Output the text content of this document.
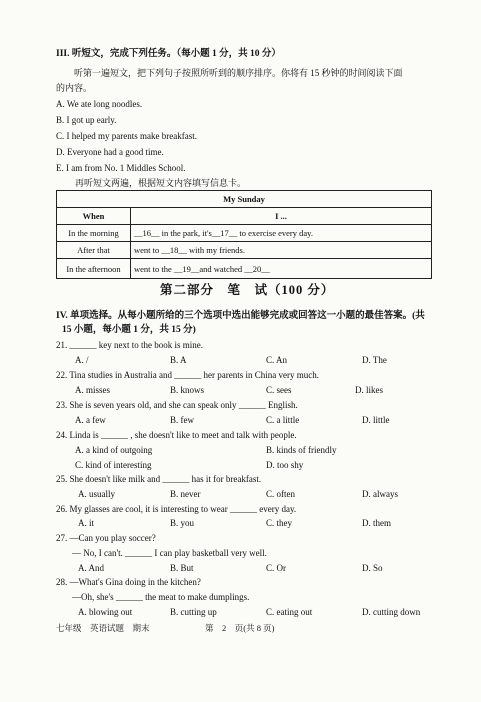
III. 听短文，完成下列任务。（每小题 1 分，共 10 分）
听第一遍短文，把下列句子按照所听到的顺序排序。你将有 15 秒钟的时间阅读下面
的内容。
A. We ate long noodles.
B. I got up early.
C. I helped my parents make breakfast.
D. Everyone had a good time.
E. I am from No. 1 Middles School.
再听短文两遍，根据短文内容填写信息卡。
My Sunday	
When	I ...
In the morning	__16__ in the park, it's__17__ to exercise every day.
After that	went to __18__ with my friends.
In the afternoon	went to the __19__and watched __20__
第二部分　笔　试（100 分）
IV. 单项选择。从每小题所给的三个选项中选出能够完成或回答这一小题的最佳答案。(共
15 小题，每小题 1 分，共 15 分)
21. ______ key next to the book is mine.
A. /	B. A	C. An	D. The
22. Tina studies in Australia and ______ her parents in China very much.
A. misses	B. knows	C. sees	D. likes
23. She is seven years old, and she can speak only ______ English.
A. a few	B. few	C. a little	D. little
24. Linda is ______ , she doesn't like to meet and talk with people.
A. a kind of outgoing	B. kinds of friendly
C. kind of interesting	D. too shy
25. She doesn't like milk and ______ has it for breakfast.
A. usually	B. never	C. often	D. always
26. My glasses are cool, it is interesting to wear ______ every day.
A. it	B. you	C. they	D. them
27. —Can you play soccer?
— No, I can't. ______ I can play basketball very well.
A. And	B. But	C. Or	D. So
28. —What's Gina doing in the kitchen?
—Oh, she's ______ the meat to make dumplings.
A. blowing out	B. cutting up	C. eating out	D. cutting down
七年级　英语试题　期末	第　2　页(共 8 页)
